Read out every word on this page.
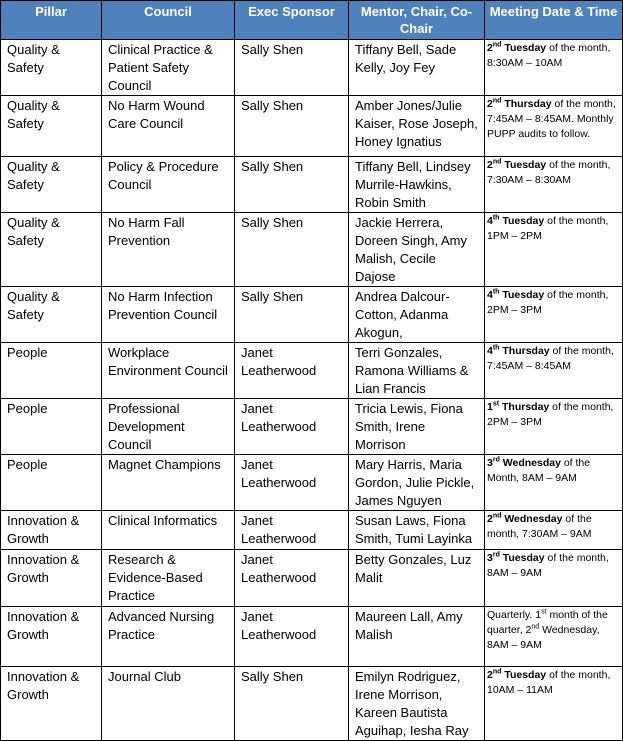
Pillar	Council	Exec Sponsor	Mentor, Chair, Co-Chair	Meeting Date & Time
Quality & Safety	Clinical Practice & Patient Safety Council	Sally Shen	Tiffany Bell, Sade Kelly, Joy Fey	2nd Tuesday of the month, 8:30AM – 10AM
Quality & Safety	No Harm Wound Care Council	Sally Shen	Amber Jones/Julie Kaiser, Rose Joseph, Honey Ignatius	2nd Thursday of the month, 7:45AM – 8:45AM. Monthly PUPP audits to follow.
Quality & Safety	Policy & Procedure Council	Sally Shen	Tiffany Bell, Lindsey Murrile-Hawkins, Robin Smith	2nd Tuesday of the month, 7:30AM – 8:30AM
Quality & Safety	No Harm Fall Prevention	Sally Shen	Jackie Herrera, Doreen Singh, Amy Malish, Cecile Dajose	4th Tuesday of the month, 1PM – 2PM
Quality & Safety	No Harm Infection Prevention Council	Sally Shen	Andrea Dalcour-Cotton, Adanma Akogun,	4th Tuesday of the month, 2PM – 3PM
People	Workplace Environment Council	Janet Leatherwood	Terri Gonzales, Ramona Williams & Lian Francis	4th Thursday of the month, 7:45AM – 8:45AM
People	Professional Development Council	Janet Leatherwood	Tricia Lewis, Fiona Smith, Irene Morrison	1st Thursday of the month, 2PM – 3PM
People	Magnet Champions	Janet Leatherwood	Mary Harris, Maria Gordon, Julie Pickle, James Nguyen	3rd Wednesday of the Month, 8AM – 9AM
Innovation & Growth	Clinical Informatics	Janet Leatherwood	Susan Laws, Fiona Smith, Tumi Layinka	2nd Wednesday of the month, 7:30AM – 9AM
Innovation & Growth	Research & Evidence-Based Practice	Janet Leatherwood	Betty Gonzales, Luz Malit	3rd Tuesday of the month, 8AM – 9AM
Innovation & Growth	Advanced Nursing Practice	Janet Leatherwood	Maureen Lall, Amy Malish	Quarterly. 1st month of the quarter, 2nd Wednesday, 8AM – 9AM
Innovation & Growth	Journal Club	Sally Shen	Emilyn Rodriguez, Irene Morrison, Kareen Bautista Aguihap, Iesha Ray	2nd Tuesday of the month, 10AM – 11AM
